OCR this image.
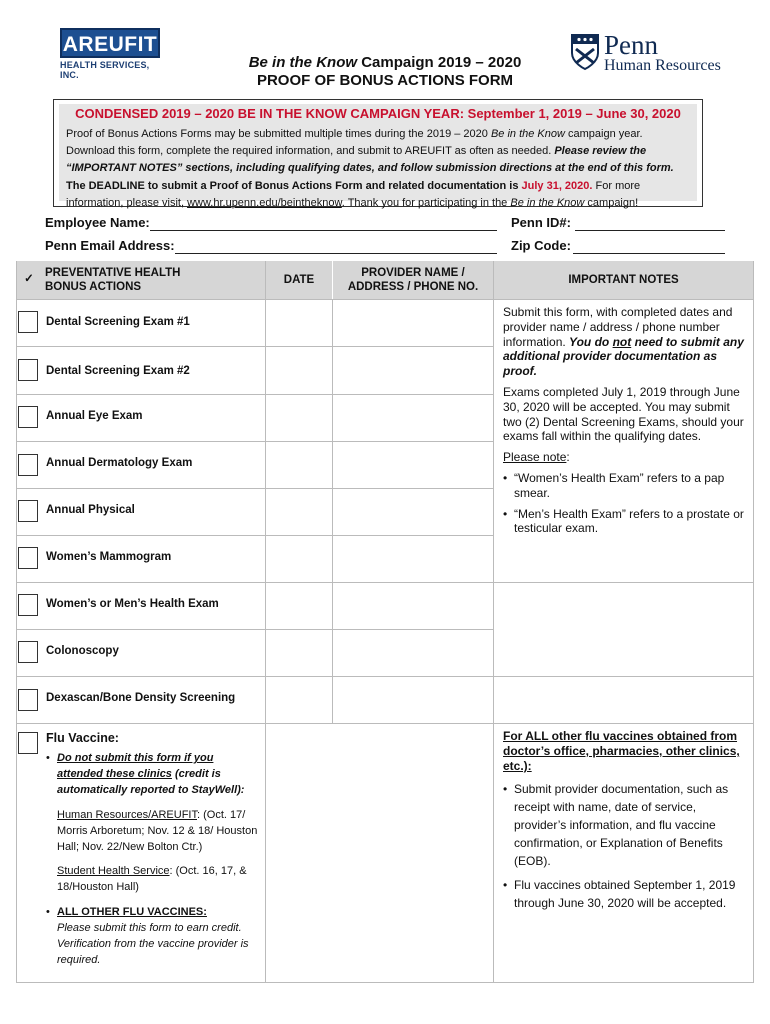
AREUFIT
HEALTH SERVICES, INC.
Be in the Know Campaign 2019 – 2020
PROOF OF BONUS ACTIONS FORM
Penn
Human Resources
CONDENSED 2019 – 2020 BE IN THE KNOW CAMPAIGN YEAR: September 1, 2019 – June 30, 2020
Proof of Bonus Actions Forms may be submitted multiple times during the 2019 – 2020 Be in the Know campaign year.
Download this form, complete the required information, and submit to AREUFIT as often as needed. Please review the
“IMPORTANT NOTES” sections, including qualifying dates, and follow submission directions at the end of this form.
The DEADLINE to submit a Proof of Bonus Actions Form and related documentation is July 31, 2020. For more
information, please visit, www.hr.upenn.edu/beintheknow. Thank you for participating in the Be in the Know campaign!
Employee Name:	Penn ID#:
Penn Email Address:	Zip Code:
✓ PREVENTATIVE HEALTH BONUS ACTIONS
DATE
PROVIDER NAME / ADDRESS / PHONE NO.
IMPORTANT NOTES
Dental Screening Exam #1
Dental Screening Exam #2
Annual Eye Exam
Annual Dermatology Exam
Annual Physical
Women’s Mammogram
Women’s or Men’s Health Exam
Colonoscopy
Dexascan/Bone Density Screening

Submit this form, with completed dates and provider name / address / phone number information. You do not need to submit any additional provider documentation as proof.

Exams completed July 1, 2019 through June 30, 2020 will be accepted. You may submit two (2) Dental Screening Exams, should your exams fall within the qualifying dates.

Please note:

• “Women’s Health Exam” refers to a pap smear.
• “Men’s Health Exam” refers to a prostate or testicular exam.
Flu Vaccine:

• Do not submit this form if you attended these clinics (credit is automatically reported to StayWell):

Human Resources/AREUFIT: (Oct. 17/ Morris Arboretum; Nov. 12 & 18/ Houston Hall; Nov. 22/New Bolton Ctr.)

Student Health Service: (Oct. 16, 17, & 18/Houston Hall)

• ALL OTHER FLU VACCINES:

Please submit this form to earn credit. Verification from the vaccine provider is required.

For ALL other flu vaccines obtained from doctor’s office, pharmacies, other clinics, etc.):

• Submit provider documentation, such as receipt with name, date of service, provider’s information, and flu vaccine confirmation, or Explanation of Benefits (EOB).
• Flu vaccines obtained September 1, 2019 through June 30, 2020 will be accepted.
